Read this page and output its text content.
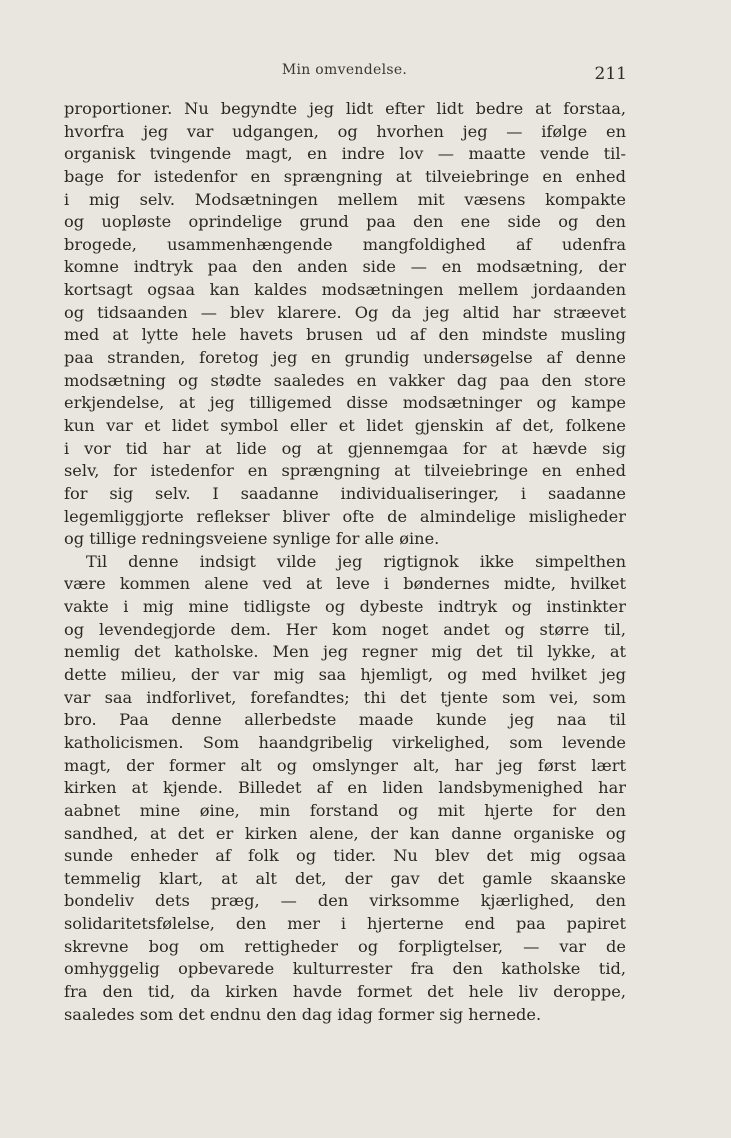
Min omvendelse.	211
proportioner. Nu begyndte jeg lidt efter lidt bedre at forstaa,
hvorfra jeg var udgangen, og hvorhen jeg — ifølge en
organisk tvingende magt, en indre lov — maatte vende til-
bage for istedenfor en sprængning at tilveiebringe en enhed
i mig selv. Modsætningen mellem mit væsens kompakte
og uopløste oprindelige grund paa den ene side og den
brogede, usammenhængende mangfoldighed af udenfra
komne indtryk paa den anden side — en modsætning, der
kortsagt ogsaa kan kaldes modsætningen mellem jordaanden
og tidsaanden — blev klarere. Og da jeg altid har stræevet
med at lytte hele havets brusen ud af den mindste musling
paa stranden, foretog jeg en grundig undersøgelse af denne
modsætning og stødte saaledes en vakker dag paa den store
erkjendelse, at jeg tilligemed disse modsætninger og kampe
kun var et lidet symbol eller et lidet gjenskin af det, folkene
i vor tid har at lide og at gjennemgaa for at hævde sig
selv, for istedenfor en sprængning at tilveiebringe en enhed
for sig selv. I saadanne individualiseringer, i saadanne
legemliggjorte reflekser bliver ofte de almindelige misligheder
og tillige redningsveiene synlige for alle øine.
Til denne indsigt vilde jeg rigtignok ikke simpelthen
være kommen alene ved at leve i bøndernes midte, hvilket
vakte i mig mine tidligste og dybeste indtryk og instinkter
og levendegjorde dem. Her kom noget andet og større til,
nemlig det katholske. Men jeg regner mig det til lykke, at
dette milieu, der var mig saa hjemligt, og med hvilket jeg
var saa indforlivet, forefandtes; thi det tjente som vei, som
bro. Paa denne allerbedste maade kunde jeg naa til
katholicismen. Som haandgribelig virkelighed, som levende
magt, der former alt og omslynger alt, har jeg først lært
kirken at kjende. Billedet af en liden landsbymenighed har
aabnet mine øine, min forstand og mit hjerte for den
sandhed, at det er kirken alene, der kan danne organiske og
sunde enheder af folk og tider. Nu blev det mig ogsaa
temmelig klart, at alt det, der gav det gamle skaanske
bondeliv dets præg, — den virksomme kjærlighed, den
solidaritetsfølelse, den mer i hjerterne end paa papiret
skrevne bog om rettigheder og forpligtelser, — var de
omhyggelig opbevarede kulturrester fra den katholske tid,
fra den tid, da kirken havde formet det hele liv deroppe,
saaledes som det endnu den dag idag former sig hernede.
